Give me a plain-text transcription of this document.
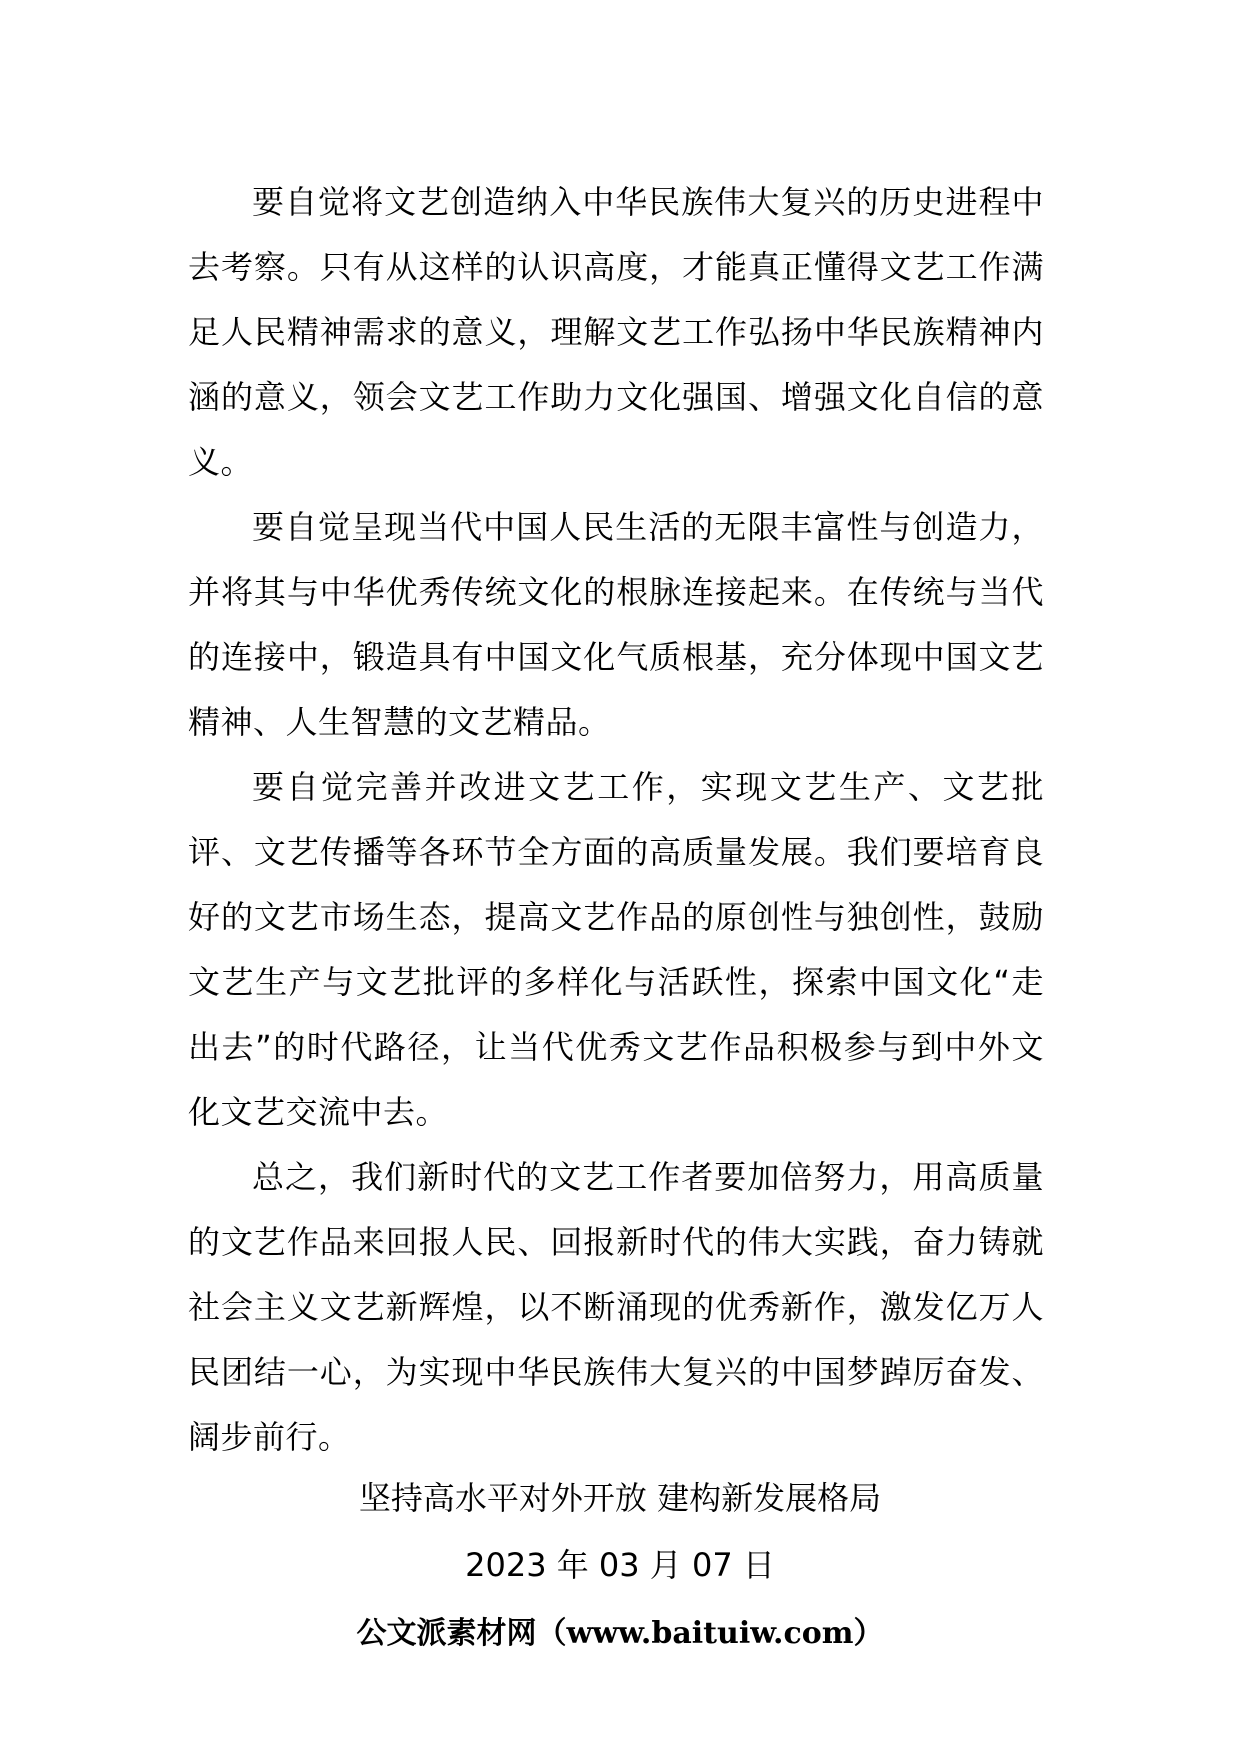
要自觉将文艺创造纳入中华民族伟大复兴的历史进程中去考察。只有从这样的认识高度，才能真正懂得文艺工作满足人民精神需求的意义，理解文艺工作弘扬中华民族精神内涵的意义，领会文艺工作助力文化强国、增强文化自信的意义。

要自觉呈现当代中国人民生活的无限丰富性与创造力，并将其与中华优秀传统文化的根脉连接起来。在传统与当代的连接中，锻造具有中国文化气质根基，充分体现中国文艺精神、人生智慧的文艺精品。

要自觉完善并改进文艺工作，实现文艺生产、文艺批评、文艺传播等各环节全方面的高质量发展。我们要培育良好的文艺市场生态，提高文艺作品的原创性与独创性，鼓励文艺生产与文艺批评的多样化与活跃性，探索中国文化“走出去”的时代路径，让当代优秀文艺作品积极参与到中外文化文艺交流中去。

总之，我们新时代的文艺工作者要加倍努力，用高质量的文艺作品来回报人民、回报新时代的伟大实践，奋力铸就社会主义文艺新辉煌，以不断涌现的优秀新作，激发亿万人民团结一心，为实现中华民族伟大复兴的中国梦踔厉奋发、阔步前行。

坚持高水平对外开放 建构新发展格局

2023 年 03 月 07 日

公文派素材网（www.baituiw.com）
